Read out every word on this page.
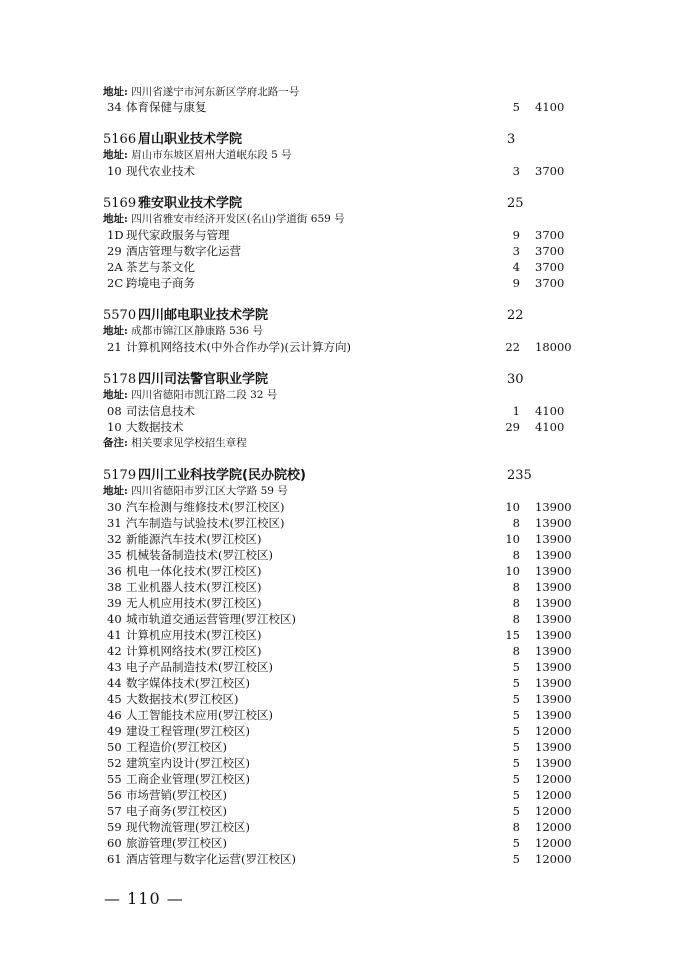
地址: 四川省遂宁市河东新区学府北路一号
34 体育保健与康复	5 4100
5166 眉山职业技术学院	3
地址: 眉山市东坡区眉州大道岷东段 5 号
10 现代农业技术	3 3700
5169 雅安职业技术学院	25
地址: 四川省雅安市经济开发区(名山)学道街 659 号
1D 现代家政服务与管理	9 3700
29 酒店管理与数字化运营	3 3700
2A 茶艺与茶文化	4 3700
2C 跨境电子商务	9 3700
5570 四川邮电职业技术学院	22
地址: 成都市锦江区静康路 536 号
21 计算机网络技术(中外合作办学)(云计算方向)	22 18000
5178 四川司法警官职业学院	30
地址: 四川省德阳市凯江路二段 32 号
08 司法信息技术	1 4100
10 大数据技术	29 4100
备注: 相关要求见学校招生章程
5179 四川工业科技学院(民办院校)	235
地址: 四川省德阳市罗江区大学路 59 号
30 汽车检测与维修技术(罗江校区)	10 13900
31 汽车制造与试验技术(罗江校区)	8 13900
32 新能源汽车技术(罗江校区)	10 13900
35 机械装备制造技术(罗江校区)	8 13900
36 机电一体化技术(罗江校区)	10 13900
38 工业机器人技术(罗江校区)	8 13900
39 无人机应用技术(罗江校区)	8 13900
40 城市轨道交通运营管理(罗江校区)	8 13900
41 计算机应用技术(罗江校区)	15 13900
42 计算机网络技术(罗江校区)	8 13900
43 电子产品制造技术(罗江校区)	5 13900
44 数字媒体技术(罗江校区)	5 13900
45 大数据技术(罗江校区)	5 13900
46 人工智能技术应用(罗江校区)	5 13900
49 建设工程管理(罗江校区)	5 12000
50 工程造价(罗江校区)	5 13900
52 建筑室内设计(罗江校区)	5 13900
55 工商企业管理(罗江校区)	5 12000
56 市场营销(罗江校区)	5 12000
57 电子商务(罗江校区)	5 12000
59 现代物流管理(罗江校区)	8 12000
60 旅游管理(罗江校区)	5 12000
61 酒店管理与数字化运营(罗江校区)	5 12000
— 110 —
